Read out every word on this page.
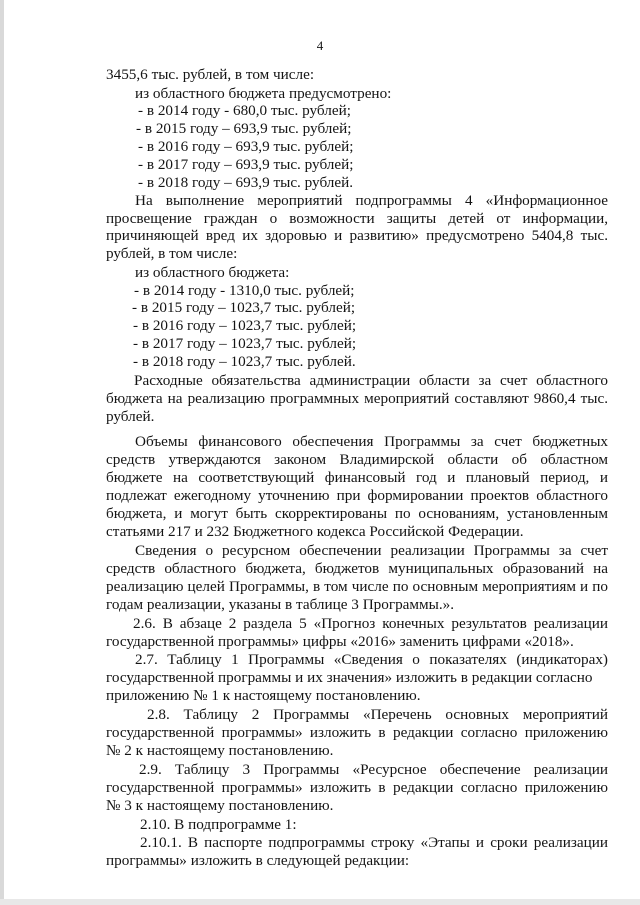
4
3455,6 тыс. рублей, в том числе:
из областного бюджета предусмотрено:
- в 2014 году - 680,0 тыс. рублей;
- в 2015 году – 693,9 тыс. рублей;
- в 2016 году – 693,9 тыс. рублей;
- в 2017 году – 693,9 тыс. рублей;
- в 2018 году – 693,9 тыс. рублей.
На выполнение мероприятий подпрограммы 4 «Информационное
просвещение граждан о возможности защиты детей от информации,
причиняющей вред их здоровью и развитию» предусмотрено 5404,8 тыс.
рублей, в том числе:
из областного бюджета:
- в 2014 году - 1310,0 тыс. рублей;
- в 2015 году – 1023,7 тыс. рублей;
- в 2016 году – 1023,7 тыс. рублей;
- в 2017 году – 1023,7 тыс. рублей;
- в 2018 году – 1023,7 тыс. рублей.
Расходные обязательства администрации области за счет областного
бюджета на реализацию программных мероприятий составляют 9860,4 тыс.
рублей.
Объемы финансового обеспечения Программы за счет бюджетных
средств утверждаются законом Владимирской области об областном
бюджете на соответствующий финансовый год и плановый период, и
подлежат ежегодному уточнению при формировании проектов областного
бюджета, и могут быть скорректированы по основаниям, установленным
статьями 217 и 232 Бюджетного кодекса Российской Федерации.
Сведения о ресурсном обеспечении реализации Программы за счет
средств областного бюджета, бюджетов муниципальных образований на
реализацию целей Программы, в том числе по основным мероприятиям и по
годам реализации, указаны в таблице 3 Программы.».
2.6. В абзаце 2 раздела 5 «Прогноз конечных результатов реализации
государственной программы» цифры «2016» заменить цифрами «2018».
2.7. Таблицу 1 Программы «Сведения о показателях (индикаторах)
государственной программы и их значения» изложить в редакции согласно
приложению № 1 к настоящему постановлению.
2.8. Таблицу 2 Программы «Перечень основных мероприятий
государственной программы» изложить в редакции согласно приложению
№ 2 к настоящему постановлению.
2.9. Таблицу 3 Программы «Ресурсное обеспечение реализации
государственной программы» изложить в редакции согласно приложению
№ 3 к настоящему постановлению.
2.10. В подпрограмме 1:
2.10.1. В паспорте подпрограммы строку «Этапы и сроки реализации
программы» изложить в следующей редакции:
